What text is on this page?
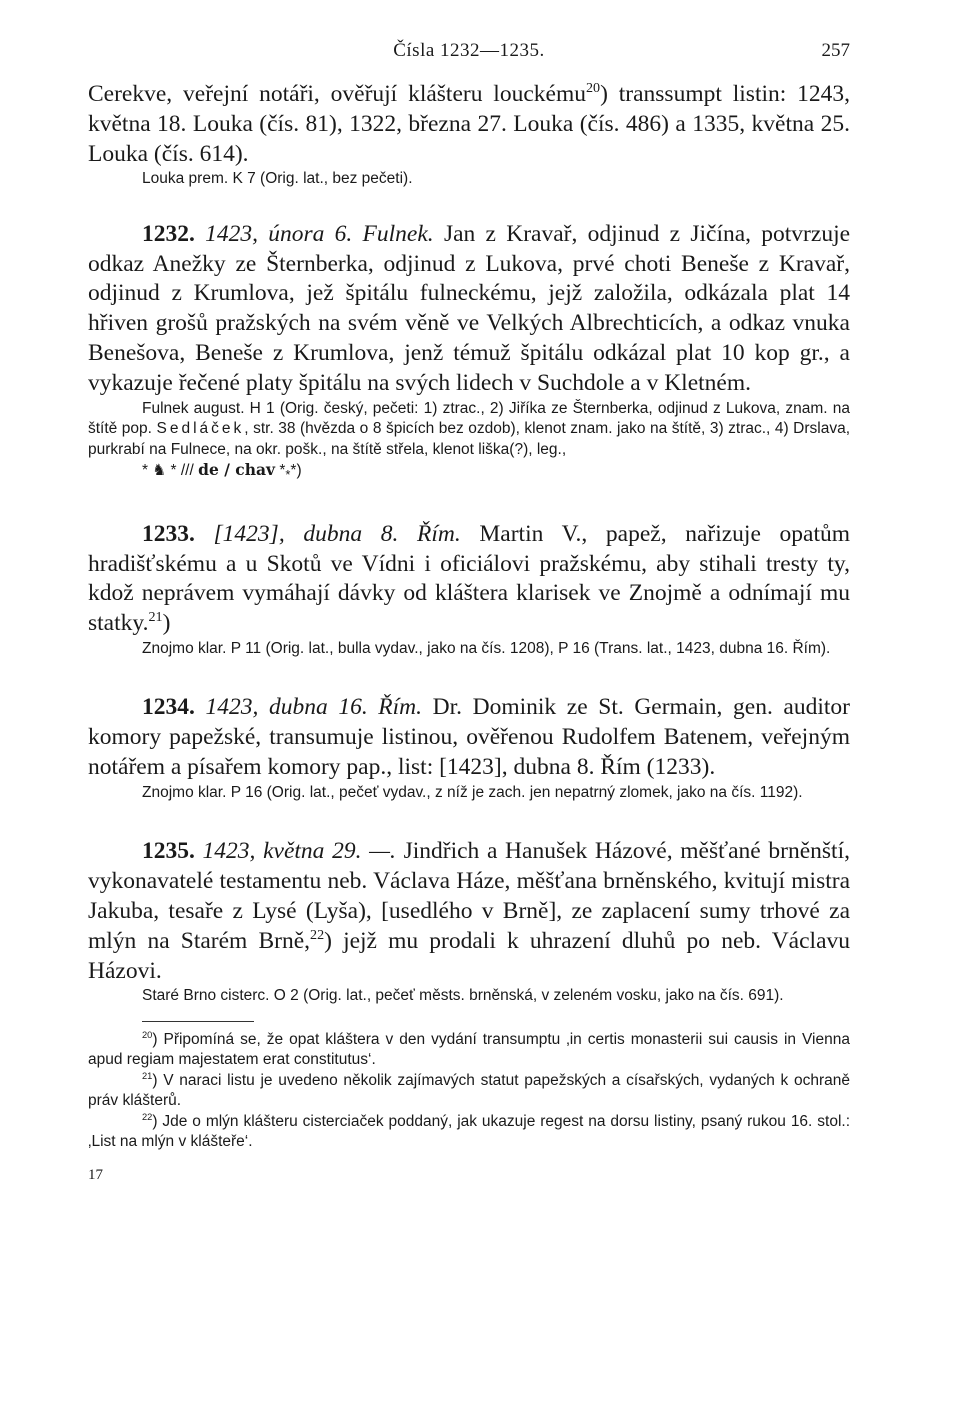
Čísla 1232—1235.	257

Cerekve, veřejní notáři, ověřují klášteru louckému$^{20}$) transsumpt listin: 1243, května 18. Louka (čís. 81), 1322, března 27. Louka (čís. 486) a 1335, května 25. Louka (čís. 614).

Louka prem. K 7 (Orig. lat., bez pečeti).

1232. 1423, února 6. Fulnek. Jan z Kravař, odjinud z Jičína, potvrzuje odkaz Anežky ze Šternberka, odjinud z Lukova, prvé choti Beneše z Kravař, odjinud z Krumlova, jež špitálu fulneckému, jejž založila, odkázala plat 14 hřiven grošů pražských na svém věně ve Velkých Albrechticích, a odkaz vnuka Benešova, Beneše z Krumlova, jenž témuž špitálu odkázal plat 10 kop gr., a vykazuje řečené platy špitálu na svých lidech v Suchdole a v Kletném.

Fulnek august. H 1 (Orig. český, pečeti: 1) ztrac., 2) Jiříka ze Šternberka, odjinud z Lukova, znam. na štítě pop. Sedláček, str. 38 (hvězda o 8 špicích bez ozdob), klenot znam. jako na štítě, 3) ztrac., 4) Drslava, purkrabí na Fulnece, na okr. pošk., na štítě střela, klenot liška(?), leg.,

* ♞ * /// de / chav $*_**$)

1233. [1423], dubna 8. Řím. Martin V., papež, nařizuje opatům hradišťskému a u Skotů ve Vídni i oficiálovi pražskému, aby stihali tresty ty, kdož neprávem vymáhají dávky od kláštera klarisek ve Znojmě a odnímají mu statky.$^{21}$)

Znojmo klar. P 11 (Orig. lat., bulla vydav., jako na čís. 1208), P 16 (Trans. lat., 1423, dubna 16. Řím).

1234. 1423, dubna 16. Řím. Dr. Dominik ze St. Germain, gen. auditor komory papežské, transumuje listinou, ověřenou Rudolfem Batenem, veřejným notářem a písařem komory pap., list: [1423], dubna 8. Řím (1233).

Znojmo klar. P 16 (Orig. lat., pečeť vydav., z níž je zach. jen nepatrný zlomek, jako na čís. 1192).

1235. 1423, května 29. —. Jindřich a Hanušek Házové, měšťané brněnští, vykonavatelé testamentu neb. Václava Háze, měšťana brněnského, kvitují mistra Jakuba, tesaře z Lysé (Lyša), [usedlého v Brně], ze zaplacení sumy trhové za mlýn na Starém Brně,$^{22}$) jejž mu prodali k uhrazení dluhů po neb. Václavu Házovi.

Staré Brno cisterc. O 2 (Orig. lat., pečeť městs. brněnská, v zeleném vosku, jako na čís. 691).

$^{20}$) Připomíná se, že opat kláštera v den vydání transumptu ‚in certis monasterii sui causis in Vienna apud regiam majestatem erat constitutus‘.

$^{21}$) V naraci listu je uvedeno několik zajímavých statut papežských a císařských, vydaných k ochraně práv klášterů.

$^{22}$) Jde o mlýn klášteru cisterciaček poddaný, jak ukazuje regest na dorsu listiny, psaný rukou 16. stol.: ‚List na mlýn v klášteře‘.

17
